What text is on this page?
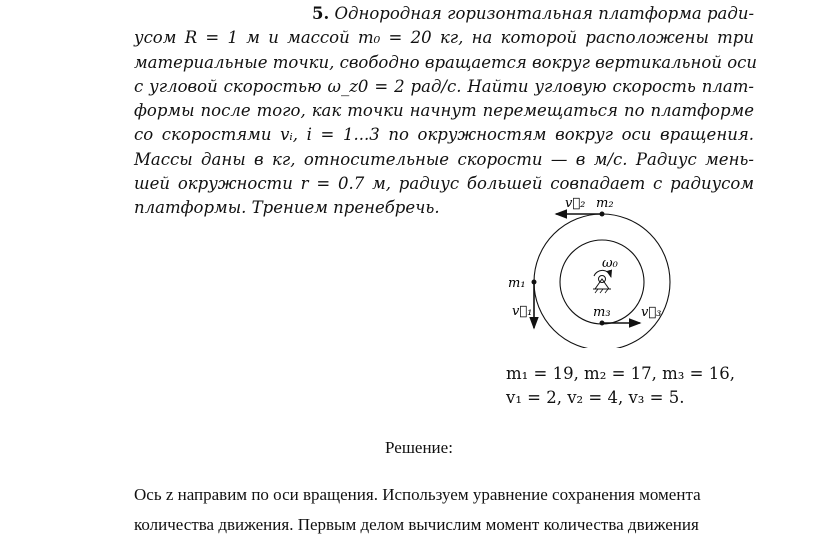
5. Однородная горизонтальная платформа ради-
усом R = 1 м и массой m₀ = 20 кг, на которой расположены три
материальные точки, свободно вращается вокруг вертикальной оси
с угловой скоростью ω_z0 = 2 рад/с. Найти угловую скорость плат-
формы после того, как точки начнут перемещаться по платформе
со скоростями vᵢ, i = 1...3 по окружностям вокруг оси вращения.
Массы даны в кг, относительные скорости — в м/с. Радиус мень-
шей окружности r = 0.7 м, радиус большей совпадает с радиусом
платформы. Трением пренебречь.
ω₀
m₁
v⃗₁
v⃗₂ m₂
m₃ v⃗₃
m₁ = 19, m₂ = 17, m₃ = 16,
v₁ = 2, v₂ = 4, v₃ = 5.
Решение:
Ось z направим по оси вращения. Используем уравнение сохранения момента
количества движения. Первым делом вычислим момент количества движения
